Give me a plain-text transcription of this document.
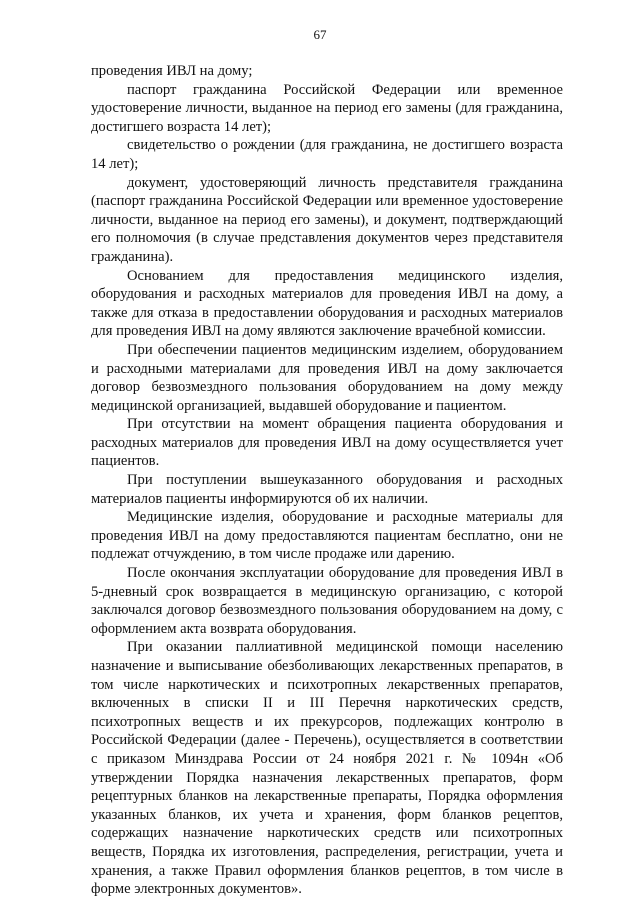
67

проведения ИВЛ на дому;

паспорт гражданина Российской Федерации или временное удостоверение личности, выданное на период его замены (для гражданина, достигшего возраста 14 лет);

свидетельство о рождении (для гражданина, не достигшего возраста 14 лет);

документ, удостоверяющий личность представителя гражданина (паспорт гражданина Российской Федерации или временное удостоверение личности, выданное на период его замены), и документ, подтверждающий его полномочия (в случае представления документов через представителя гражданина).

Основанием для предоставления медицинского изделия, оборудования и расходных материалов для проведения ИВЛ на дому, а также для отказа в предоставлении оборудования и расходных материалов для проведения ИВЛ на дому являются заключение врачебной комиссии.

При обеспечении пациентов медицинским изделием, оборудованием и расходными материалами для проведения ИВЛ на дому заключается договор безвозмездного пользования оборудованием на дому между медицинской организацией, выдавшей оборудование и пациентом.

При отсутствии на момент обращения пациента оборудования и расходных материалов для проведения ИВЛ на дому осуществляется учет пациентов.

При поступлении вышеуказанного оборудования и расходных материалов пациенты информируются об их наличии.

Медицинские изделия, оборудование и расходные материалы для проведения ИВЛ на дому предоставляются пациентам бесплатно, они не подлежат отчуждению, в том числе продаже или дарению.

После окончания эксплуатации оборудование для проведения ИВЛ в 5-дневный срок возвращается в медицинскую организацию, с которой заключался договор безвозмездного пользования оборудованием на дому, с оформлением акта возврата оборудования.

При оказании паллиативной медицинской помощи населению назначение и выписывание обезболивающих лекарственных препаратов, в том числе наркотических и психотропных лекарственных препаратов, включенных в списки II и III Перечня наркотических средств, психотропных веществ и их прекурсоров, подлежащих контролю в Российской Федерации (далее - Перечень), осуществляется в соответствии с приказом Минздрава России от 24 ноября 2021 г. № 1094н «Об утверждении Порядка назначения лекарственных препаратов, форм рецептурных бланков на лекарственные препараты, Порядка оформления указанных бланков, их учета и хранения, форм бланков рецептов, содержащих назначение наркотических средств или психотропных веществ, Порядка их изготовления, распределения, регистрации, учета и хранения, а также Правил оформления бланков рецептов, в том числе в форме электронных документов».
